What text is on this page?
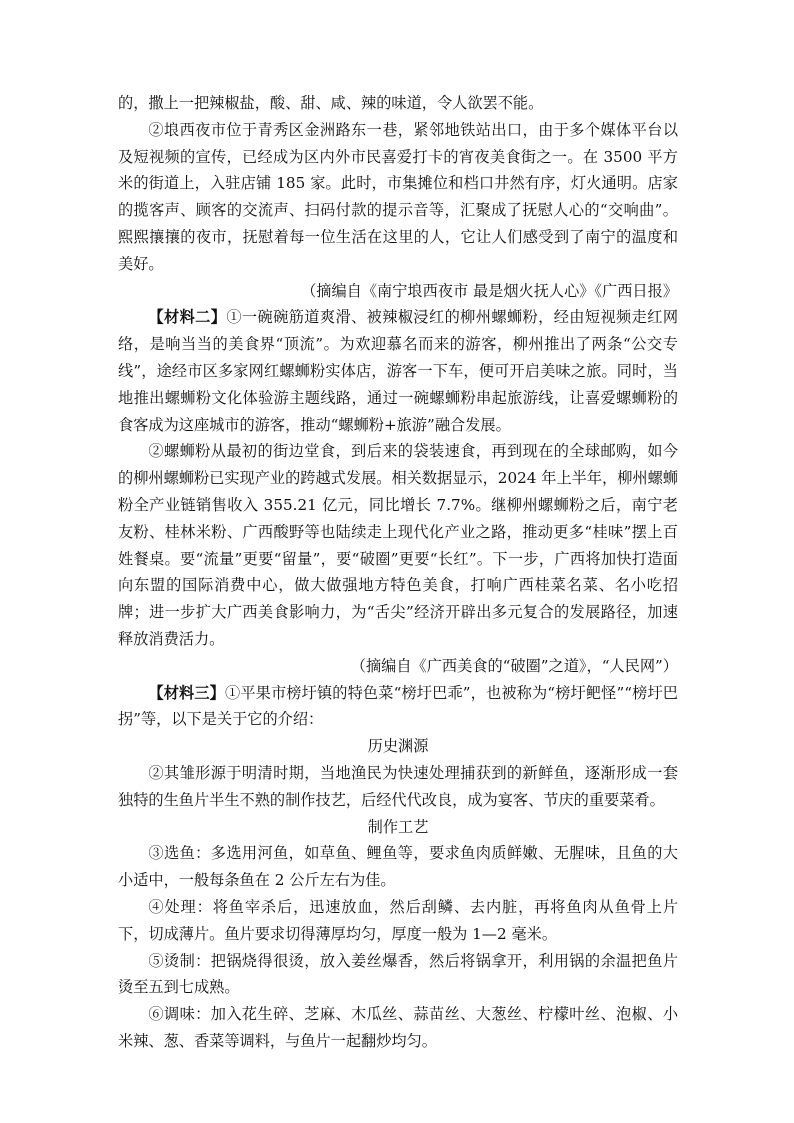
的，撒上一把辣椒盐，酸、甜、咸、辣的味道，令人欲罢不能。

②埌西夜市位于青秀区金洲路东一巷，紧邻地铁站出口，由于多个媒体平台以及短视频的宣传，已经成为区内外市民喜爱打卡的宵夜美食街之一。在 3500 平方米的街道上，入驻店铺 185 家。此时，市集摊位和档口井然有序，灯火通明。店家的揽客声、顾客的交流声、扫码付款的提示音等，汇聚成了抚慰人心的“交响曲”。熙熙攘攘的夜市，抚慰着每一位生活在这里的人，它让人们感受到了南宁的温度和美好。

（摘编自《南宁埌西夜市 最是烟火抚人心》《广西日报》

【材料二】①一碗碗筋道爽滑、被辣椒浸红的柳州螺蛳粉，经由短视频走红网络，是响当当的美食界“顶流”。为欢迎慕名而来的游客，柳州推出了两条“公交专线”，途经市区多家网红螺蛳粉实体店，游客一下车，便可开启美味之旅。同时，当地推出螺蛳粉文化体验游主题线路，通过一碗螺蛳粉串起旅游线，让喜爱螺蛳粉的食客成为这座城市的游客，推动“螺蛳粉+旅游”融合发展。

②螺蛳粉从最初的街边堂食，到后来的袋装速食，再到现在的全球邮购，如今的柳州螺蛳粉已实现产业的跨越式发展。相关数据显示，2024 年上半年，柳州螺蛳粉全产业链销售收入 355.21 亿元，同比增长 7.7%。继柳州螺蛳粉之后，南宁老友粉、桂林米粉、广西酸野等也陆续走上现代化产业之路，推动更多“桂味”摆上百姓餐桌。要“流量”更要“留量”，要“破圈”更要“长红”。下一步，广西将加快打造面向东盟的国际消费中心，做大做强地方特色美食，打响广西桂菜名菜、名小吃招牌；进一步扩大广西美食影响力，为“舌尖”经济开辟出多元复合的发展路径，加速释放消费活力。

（摘编自《广西美食的“破圈”之道》，“人民网”）

【材料三】①平果市榜圩镇的特色菜“榜圩巴乖”，也被称为“榜圩鲃怪”“榜圩巴拐”等，以下是关于它的介绍：

历史渊源

②其雏形源于明清时期，当地渔民为快速处理捕获到的新鲜鱼，逐渐形成一套独特的生鱼片半生不熟的制作技艺，后经代代改良，成为宴客、节庆的重要菜肴。

制作工艺

③选鱼：多选用河鱼，如草鱼、鲤鱼等，要求鱼肉质鲜嫩、无腥味，且鱼的大小适中，一般每条鱼在 2 公斤左右为佳。

④处理：将鱼宰杀后，迅速放血，然后刮鳞、去内脏，再将鱼肉从鱼骨上片下，切成薄片。鱼片要求切得薄厚均匀，厚度一般为 1—2 毫米。

⑤烫制：把锅烧得很烫，放入姜丝爆香，然后将锅拿开，利用锅的余温把鱼片烫至五到七成熟。

⑥调味：加入花生碎、芝麻、木瓜丝、蒜苗丝、大葱丝、柠檬叶丝、泡椒、小米辣、葱、香菜等调料，与鱼片一起翻炒均匀。
